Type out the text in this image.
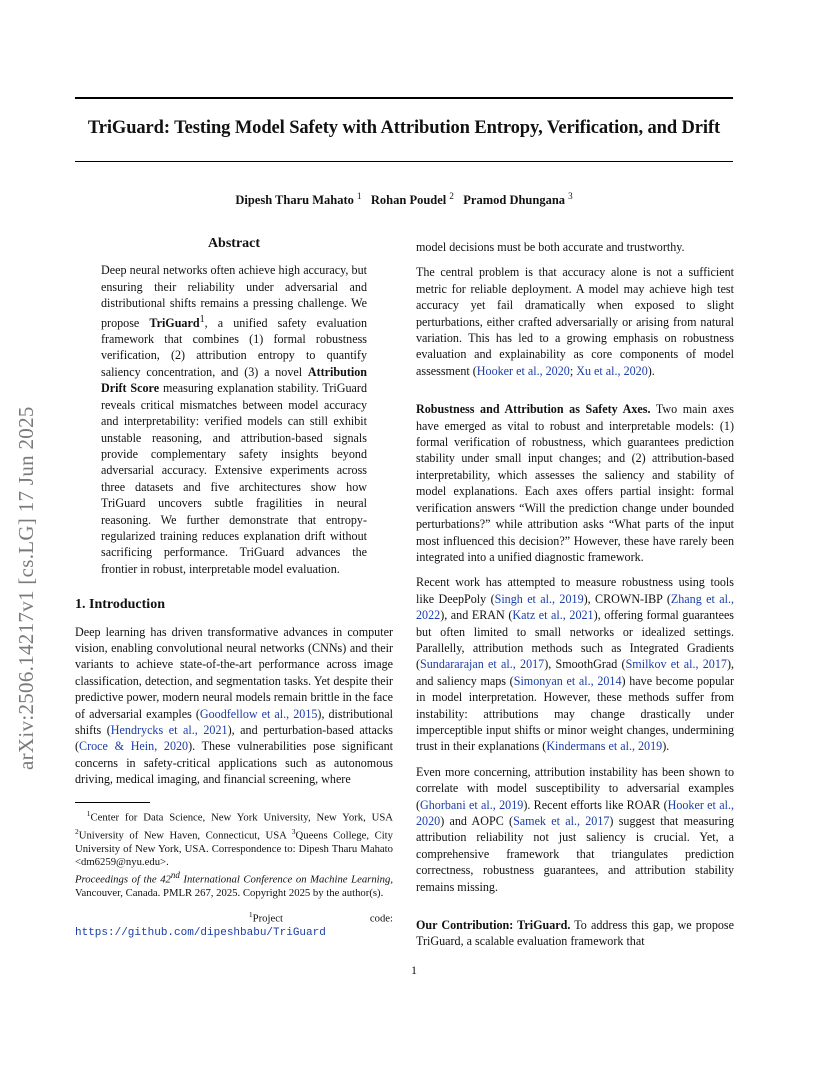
TriGuard: Testing Model Safety with Attribution Entropy, Verification, and Drift

Dipesh Tharu Mahato $^1$ Rohan Poudel $^2$ Pramod Dhungana $^3$

arXiv:2506.14217v1 [cs.LG] 17 Jun 2025
Abstract

Deep neural networks often achieve high accuracy, but ensuring their reliability under adversarial and distributional shifts remains a pressing challenge. We propose TriGuard$^1$, a unified safety evaluation framework that combines (1) formal robustness verification, (2) attribution entropy to quantify saliency concentration, and (3) a novel Attribution Drift Score measuring explanation stability. TriGuard reveals critical mismatches between model accuracy and interpretability: verified models can still exhibit unstable reasoning, and attribution-based signals provide complementary safety insights beyond adversarial accuracy. Extensive experiments across three datasets and five architectures show how TriGuard uncovers subtle fragilities in neural reasoning. We further demonstrate that entropy-regularized training reduces explanation drift without sacrificing performance. TriGuard advances the frontier in robust, interpretable model evaluation.

1. Introduction

Deep learning has driven transformative advances in computer vision, enabling convolutional neural networks (CNNs) and their variants to achieve state-of-the-art performance across image classification, detection, and segmentation tasks. Yet despite their predictive power, modern neural models remain brittle in the face of adversarial examples (Goodfellow et al., 2015), distributional shifts (Hendrycks et al., 2021), and perturbation-based attacks (Croce & Hein, 2020). These vulnerabilities pose significant concerns in safety-critical applications such as autonomous driving, medical imaging, and financial screening, where

$^1$Center for Data Science, New York University, New York, USA $^2$University of New Haven, Connecticut, USA $^3$Queens College, City University of New York, USA. Correspondence to: Dipesh Tharu Mahato <dm6259@nyu.edu>.

Proceedings of the 42nd International Conference on Machine Learning, Vancouver, Canada. PMLR 267, 2025. Copyright 2025 by the author(s).

$^1$Project code: https://github.com/dipeshbabu/TriGuard

model decisions must be both accurate and trustworthy.

The central problem is that accuracy alone is not a sufficient metric for reliable deployment. A model may achieve high test accuracy yet fail dramatically when exposed to slight perturbations, either crafted adversarially or arising from natural variation. This has led to a growing emphasis on robustness evaluation and explainability as core components of model assessment (Hooker et al., 2020; Xu et al., 2020).

Robustness and Attribution as Safety Axes. Two main axes have emerged as vital to robust and interpretable models: (1) formal verification of robustness, which guarantees prediction stability under small input changes; and (2) attribution-based interpretability, which assesses the saliency and stability of model explanations. Each axes offers partial insight: formal verification answers “Will the prediction change under bounded perturbations?” while attribution asks “What parts of the input most influenced this decision?” However, these have rarely been integrated into a unified diagnostic framework.

Recent work has attempted to measure robustness using tools like DeepPoly (Singh et al., 2019), CROWN-IBP (Zhang et al., 2022), and ERAN (Katz et al., 2021), offering formal guarantees but often limited to small networks or idealized settings. Parallelly, attribution methods such as Integrated Gradients (Sundararajan et al., 2017), SmoothGrad (Smilkov et al., 2017), and saliency maps (Simonyan et al., 2014) have become popular in model interpretation. However, these methods suffer from instability: attributions may change drastically under imperceptible input shifts or minor weight changes, undermining trust in their explanations (Kindermans et al., 2019).

Even more concerning, attribution instability has been shown to correlate with model susceptibility to adversarial examples (Ghorbani et al., 2019). Recent efforts like ROAR (Hooker et al., 2020) and AOPC (Samek et al., 2017) suggest that measuring attribution reliability not just saliency is crucial. Yet, a comprehensive framework that triangulates prediction correctness, robustness guarantees, and attribution stability remains missing.

Our Contribution: TriGuard. To address this gap, we propose TriGuard, a scalable evaluation framework that

1
